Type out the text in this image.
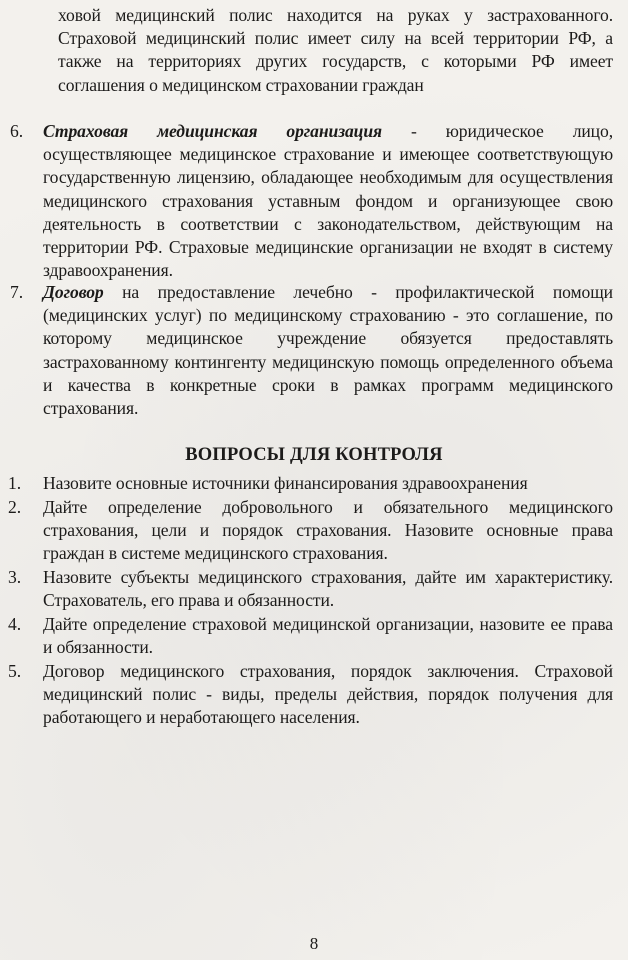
ховой медицинский полис находится на руках у застрахованного. Страховой медицинский полис имеет силу на всей территории РФ, а также на территориях других государств, с которыми РФ имеет соглашения о медицинском страховании граждан
6. Страховая медицинская организация - юридическое лицо, осуществляющее медицинское страхование и имеющее соответствующую государственную лицензию, обладающее необходимым для осуществления медицинского страхования уставным фондом и организующее свою деятельность в соответствии с законодательством, действующим на территории РФ. Страховые медицинские организации не входят в систему здравоохранения.
7. Договор на предоставление лечебно - профилактической помощи (медицинских услуг) по медицинскому страхованию - это соглашение, по которому медицинское учреждение обязуется предоставлять застрахованному контингенту медицинскую помощь определенного объема и качества в конкретные сроки в рамках программ медицинского страхования.
ВОПРОСЫ ДЛЯ КОНТРОЛЯ
1. Назовите основные источники финансирования здравоохранения
2. Дайте определение добровольного и обязательного медицинского страхования, цели и порядок страхования. Назовите основные права граждан в системе медицинского страхования.
3. Назовите субъекты медицинского страхования, дайте им характеристику. Страхователь, его права и обязанности.
4. Дайте определение страховой медицинской организации, назовите ее права и обязанности.
5. Договор медицинского страхования, порядок заключения. Страховой медицинский полис - виды, пределы действия, порядок получения для работающего и неработающего населения.
8
